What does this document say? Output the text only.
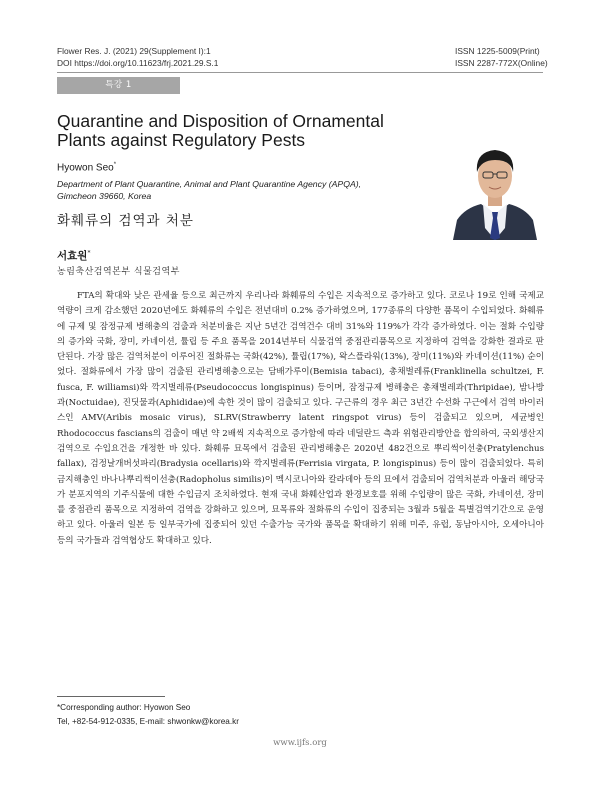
Flower Res. J. (2021) 29(Supplement I):1
DOI https://doi.org/10.11623/frj.2021.29.S.1
ISSN 1225-5009(Print)
ISSN 2287-772X(Online)
특강 1
Quarantine and Disposition of Ornamental Plants against Regulatory Pests
Hyowon Seo*
Department of Plant Quarantine, Animal and Plant Quarantine Agency (APQA), Gimcheon 39660, Korea
화훼류의 검역과 처분
서효원*
농림축산검역본부 식물검역부

FTA의 확대와 낮은 관세율 등으로 최근까지 우리나라 화훼류의 수입은 지속적으로 증가하고 있다. 코로나 19로 인해 국제교역량이 크게 감소했던 2020년에도 화훼류의 수입은 전년대비 0.2% 증가하였으며, 177종류의 다양한 품목이 수입되었다. 화훼류에 규제 및 잠정규제 병해충의 검출과 처분비율은 지난 5년간 검역건수 대비 31%와 119%가 각각 증가하였다. 이는 절화 수입량의 증가와 국화, 장미, 카네이션, 튤립 등 주요 품목을 2014년부터 식물검역 중점관리품목으로 지정하여 검역을 강화한 결과로 판단된다. 가장 많은 검역처분이 이루어진 절화류는 국화(42%), 튤립(17%), 왁스플라워(13%), 장미(11%)와 카네이션(11%) 순이었다. 절화류에서 가장 많이 검출된 관리병해충으로는 담배가루이(Bemisia tabaci), 총채벌레류(Franklinella schultzei, F. fusca, F. williamsi)와 깍지벌레류(Pseudococcus longispinus) 등이며, 잠정규제 병해충은 총채벌레과(Thripidae), 밤나방과(Noctuidae), 진딧물과(Aphididae)에 속한 것이 많이 검출되고 있다. 구근류의 경우 최근 3년간 수선화 구근에서 검역 바이러스인 AMV(Aribis mosaic virus), SLRV(Strawberry latent ringspot virus) 등이 검출되고 있으며, 세균병인 Rhodococcus fascians의 검출이 매년 약 2배씩 지속적으로 증가함에 따라 네덜란드 측과 위험관리방안을 합의하여, 국외생산지검역으로 수입요건을 개정한 바 있다. 화훼류 묘목에서 검출된 관리병해충은 2020년 482건으로 뿌리썩이선충(Pratylenchus fallax), 검정날개버섯파리(Bradysia ocellaris)와 깍지벌레류(Ferrisia virgata, P. longispinus) 등이 많이 검출되었다. 특히 금지해충인 바나나뿌리썩이선충(Radopholus similis)이 멕시코니아와 칼라데아 등의 묘에서 검출되어 검역처분과 아울러 해당국가 분포지역의 기주식물에 대한 수입금지 조치하였다. 현재 국내 화훼산업과 환경보호를 위해 수입량이 많은 국화, 카네이션, 장미를 중점관리 품목으로 지정하여 검역을 강화하고 있으며, 묘목류와 절화류의 수입이 집중되는 3월과 5월을 특별검역기간으로 운영하고 있다. 아울러 일본 등 일부국가에 집중되어 있던 수출가능 국가와 품목을 확대하기 위해 미주, 유럽, 동남아시아, 오세아니아 등의 국가들과 검역협상도 확대하고 있다.

*Corresponding author: Hyowon Seo
Tel, +82-54-912-0335, E-mail: shwonkw@korea.kr
www.ijfs.org
